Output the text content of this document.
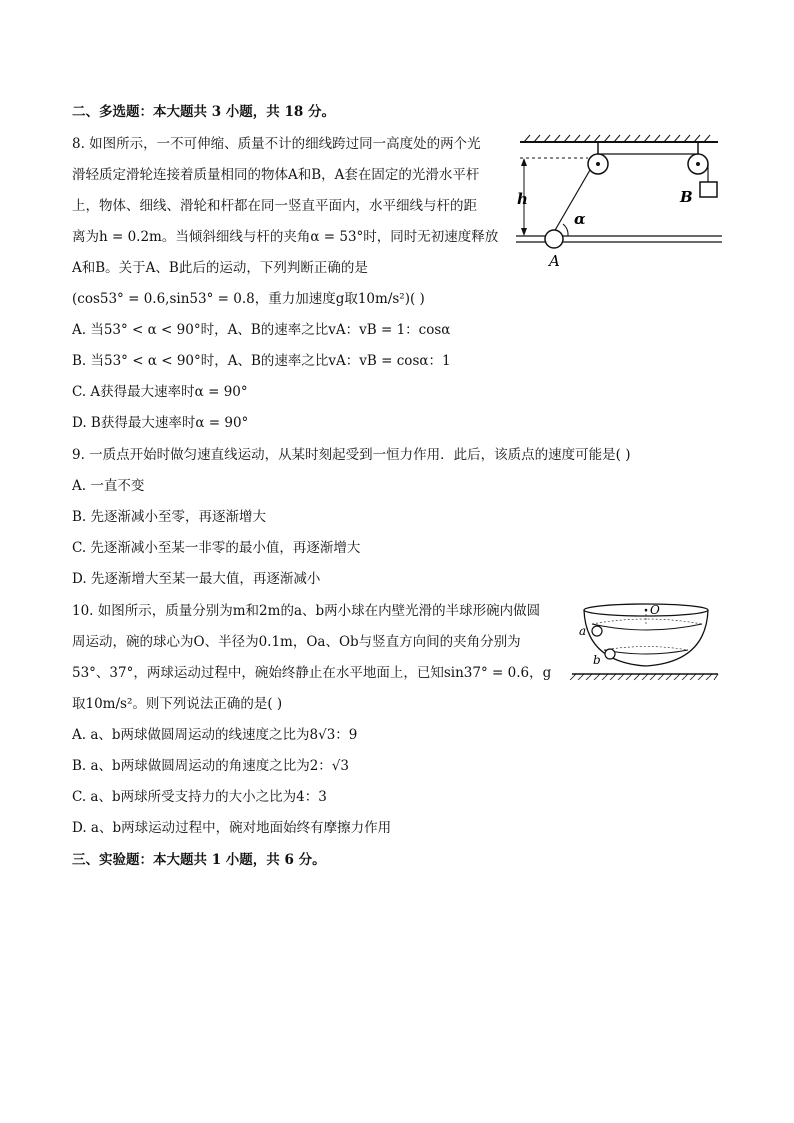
二、多选题：本大题共 3 小题，共 18 分。
8. 如图所示，一不可伸缩、质量不计的细线跨过同一高度处的两个光
滑轻质定滑轮连接着质量相同的物体A和B，A套在固定的光滑水平杆
上，物体、细线、滑轮和杆都在同一竖直平面内，水平细线与杆的距
离为h = 0.2m。当倾斜细线与杆的夹角α = 53°时，同时无初速度释放
A和B。关于A、B此后的运动，下列判断正确的是
(cos53° = 0.6,sin53° = 0.8，重力加速度g取10m/s²)( )
A. 当53° < α < 90°时，A、B的速率之比vA：vB = 1：cosα
B. 当53° < α < 90°时，A、B的速率之比vA：vB = cosα：1
C. A获得最大速率时α = 90°
D. B获得最大速率时α = 90°
9. 一质点开始时做匀速直线运动，从某时刻起受到一恒力作用．此后，该质点的速度可能是( )
A. 一直不变
B. 先逐渐减小至零，再逐渐增大
C. 先逐渐减小至某一非零的最小值，再逐渐增大
D. 先逐渐增大至某一最大值，再逐渐减小
10. 如图所示，质量分别为m和2m的a、b两小球在内壁光滑的半球形碗内做圆
周运动，碗的球心为O、半径为0.1m，Oa、Ob与竖直方向间的夹角分别为
53°、37°，两球运动过程中，碗始终静止在水平地面上，已知sin37° = 0.6，g
取10m/s²。则下列说法正确的是( )
A. a、b两球做圆周运动的线速度之比为8√3：9
B. a、b两球做圆周运动的角速度之比为2：√3
C. a、b两球所受支持力的大小之比为4：3
D. a、b两球运动过程中，碗对地面始终有摩擦力作用
三、实验题：本大题共 1 小题，共 6 分。
h
α
A
B
O
a
b
